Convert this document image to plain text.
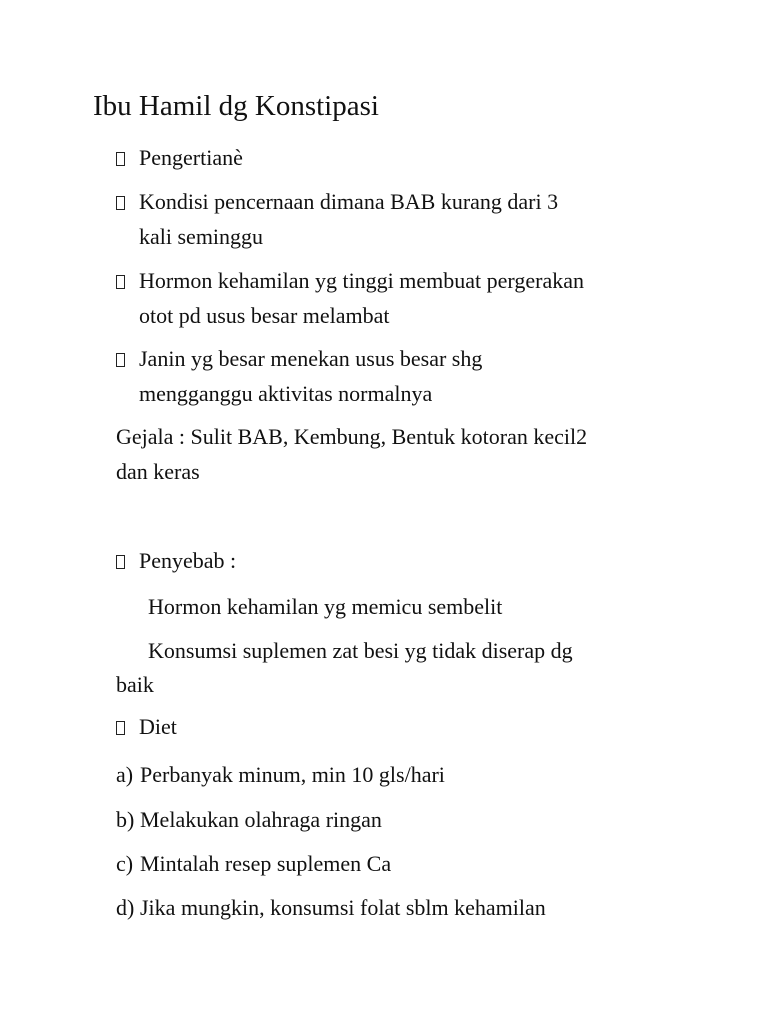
Ibu Hamil dg Konstipasi
Pengertianè
Kondisi pencernaan dimana BAB kurang dari 3
kali seminggu
Hormon kehamilan yg tinggi membuat pergerakan
otot pd usus besar melambat
Janin yg besar menekan usus besar shg
mengganggu aktivitas normalnya
Gejala : Sulit BAB, Kembung, Bentuk kotoran kecil2
dan keras
Penyebab :
Hormon kehamilan yg memicu sembelit
Konsumsi suplemen zat besi yg tidak diserap dg
baik
Diet
a) Perbanyak minum, min 10 gls/hari
b) Melakukan olahraga ringan
c) Mintalah resep suplemen Ca
d) Jika mungkin, konsumsi folat sblm kehamilan
